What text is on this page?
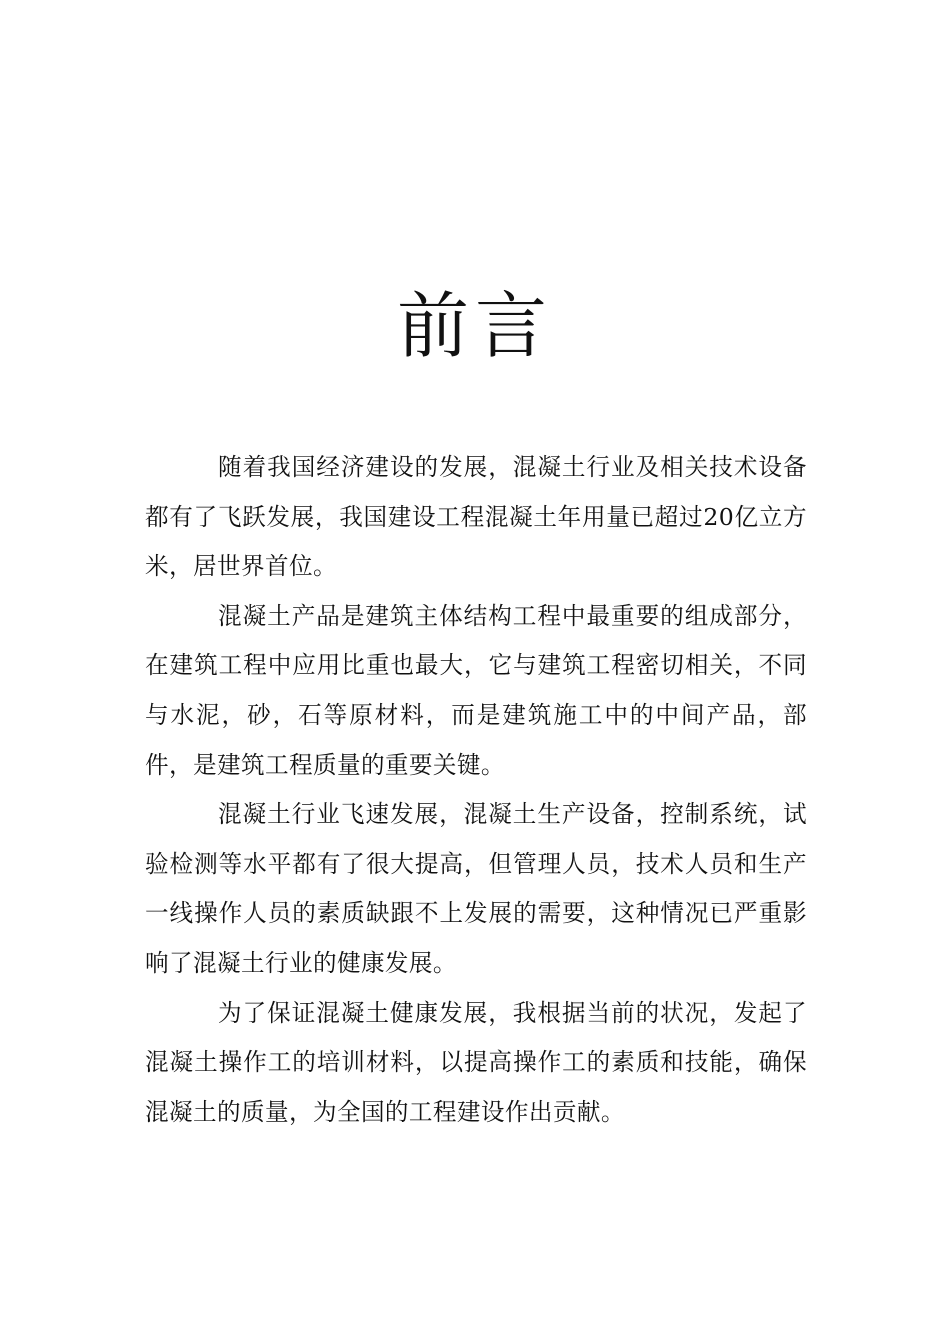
前言

随着我国经济建设的发展，混凝土行业及相关技术设备都有了飞跃发展，我国建设工程混凝土年用量已超过20亿立方米，居世界首位。

混凝土产品是建筑主体结构工程中最重要的组成部分，在建筑工程中应用比重也最大，它与建筑工程密切相关，不同与水泥，砂，石等原材料，而是建筑施工中的中间产品，部件，是建筑工程质量的重要关键。

混凝土行业飞速发展，混凝土生产设备，控制系统，试验检测等水平都有了很大提高，但管理人员，技术人员和生产一线操作人员的素质缺跟不上发展的需要，这种情况已严重影响了混凝土行业的健康发展。

为了保证混凝土健康发展，我根据当前的状况，发起了混凝土操作工的培训材料，以提高操作工的素质和技能，确保混凝土的质量，为全国的工程建设作出贡献。
